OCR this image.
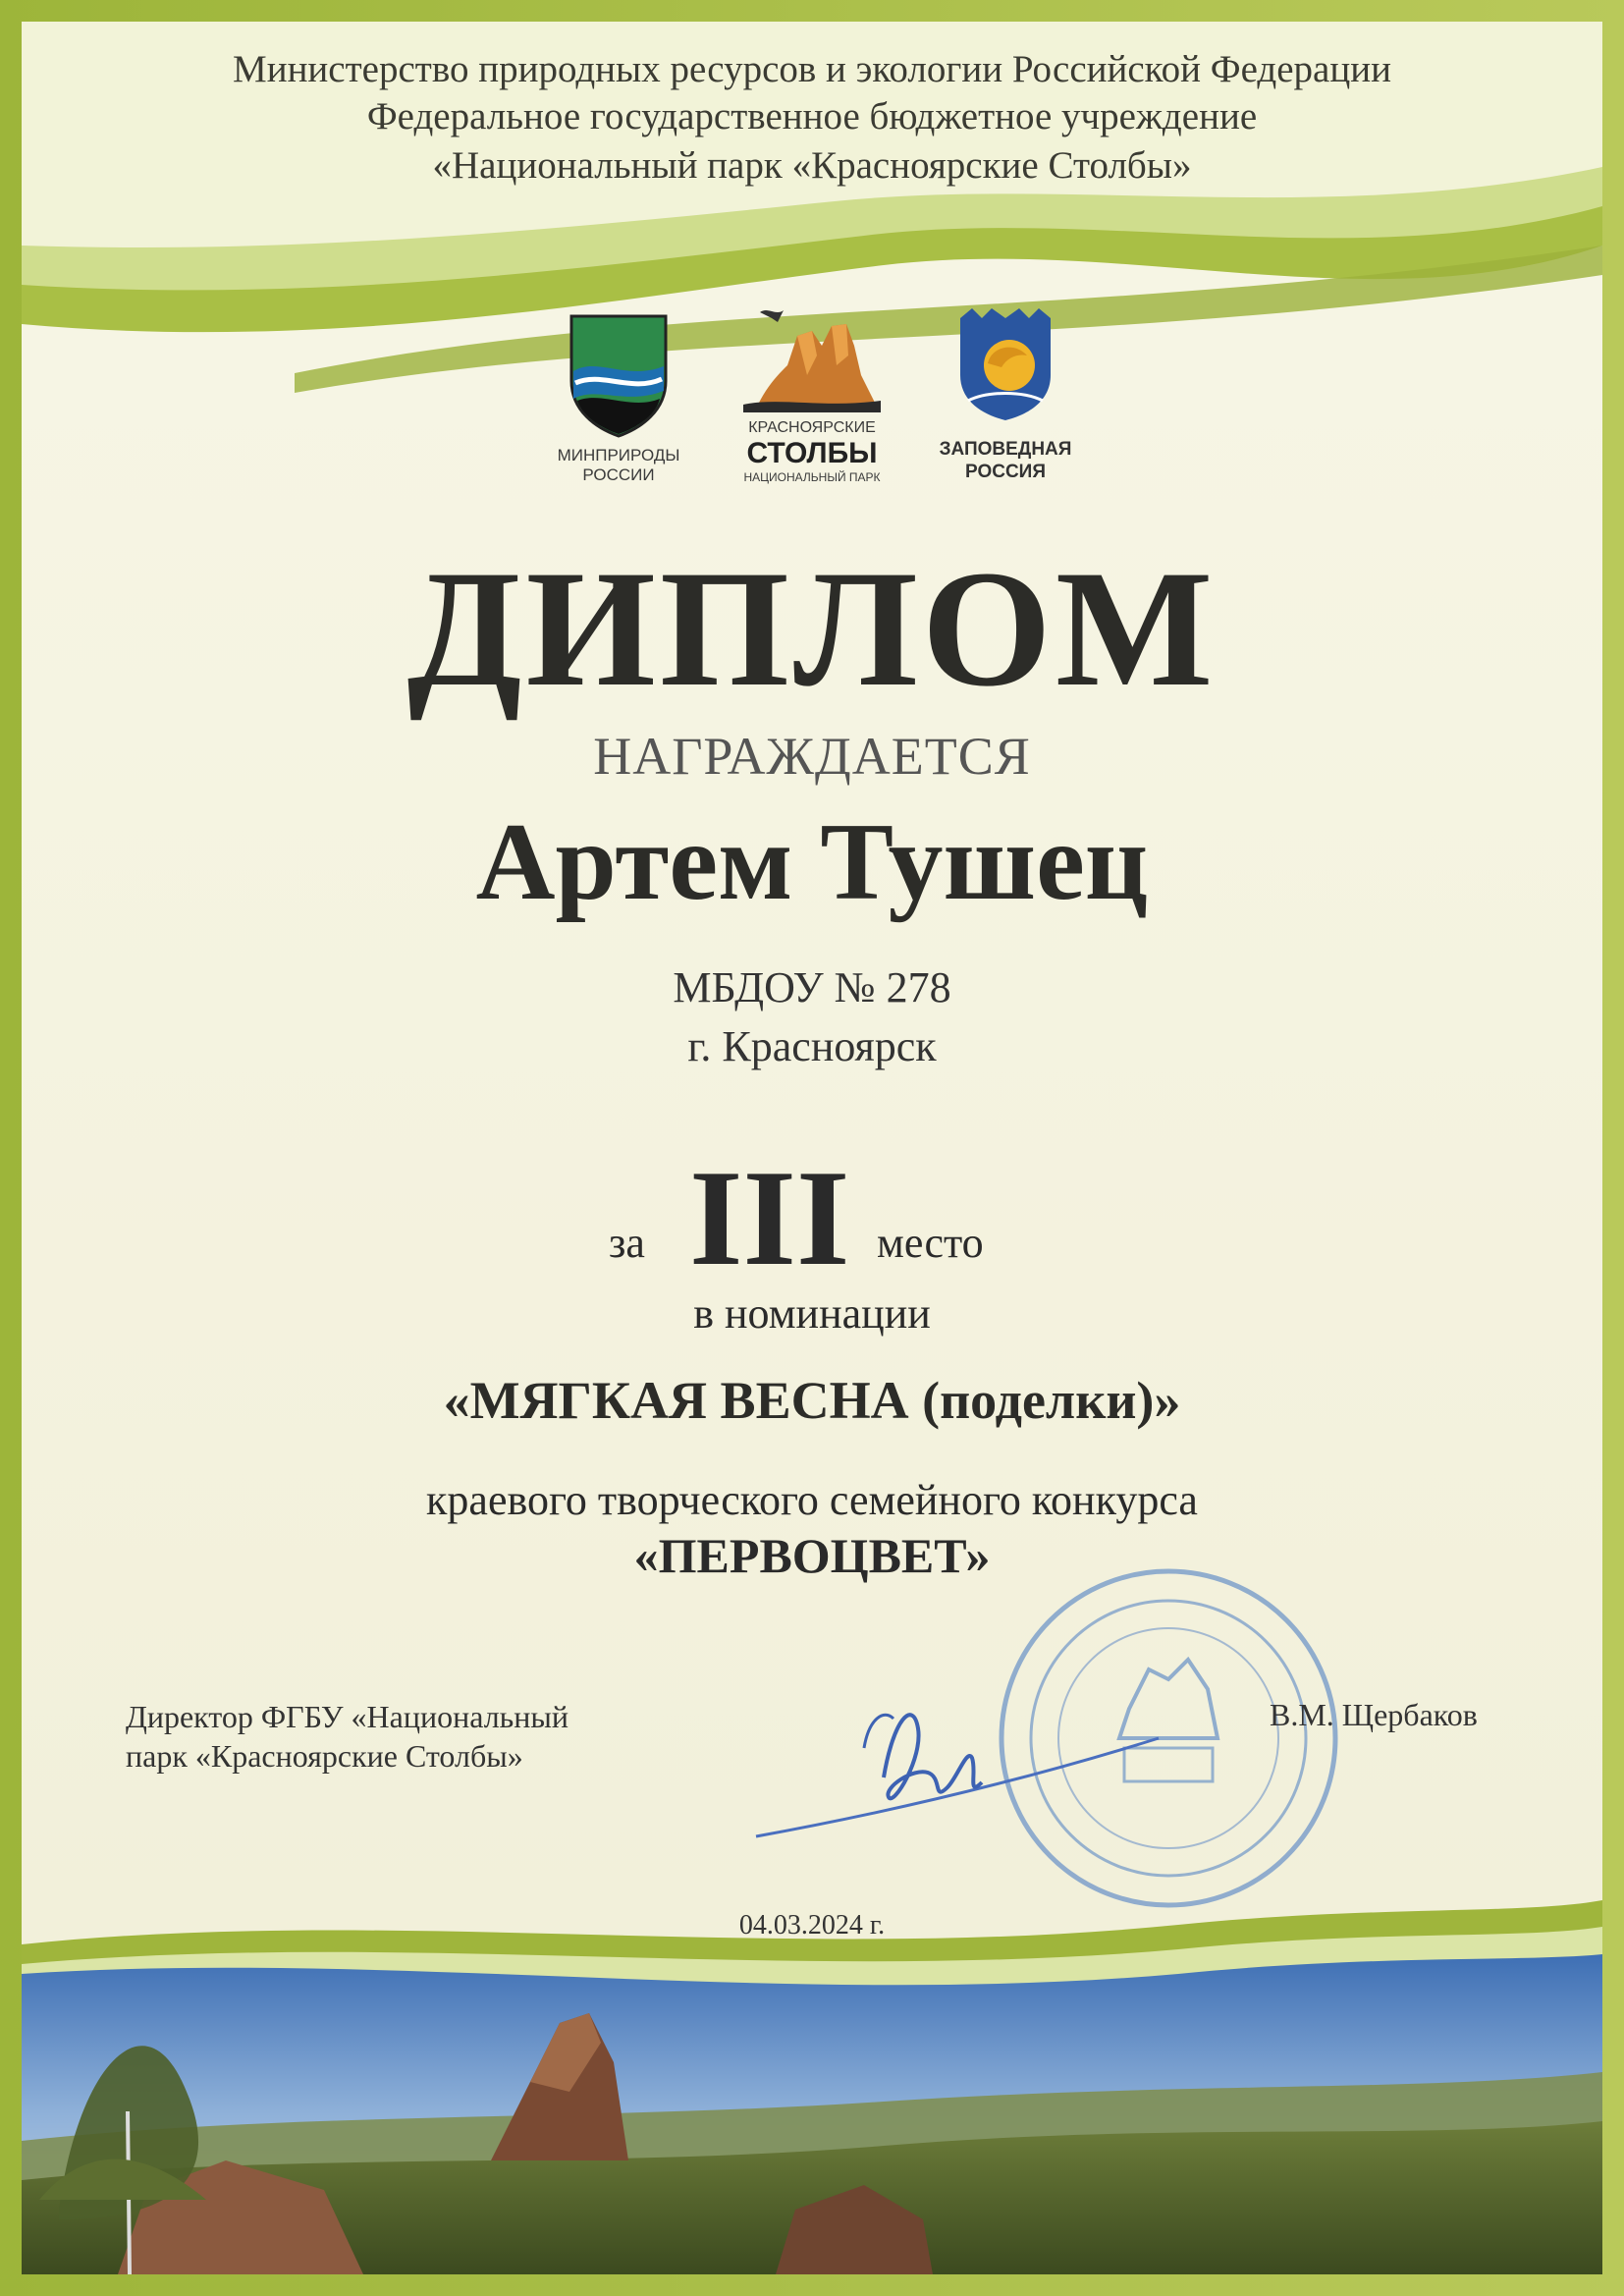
Министерство природных ресурсов и экологии Российской Федерации
Федеральное государственное бюджетное учреждение
«Национальный парк «Красноярские Столбы»
МИНПРИРОДЫ
РОССИИ
КРАСНОЯРСКИЕ
СТОЛБЫ
НАЦИОНАЛЬНЫЙ ПАРК
ЗАПОВЕДНАЯ
РОССИЯ
ДИПЛОМ
НАГРАЖДАЕТСЯ
Артем Тушец
МБДОУ № 278
г. Красноярск
за III место
в номинации
«МЯГКАЯ ВЕСНА (поделки)»
краевого творческого семейного конкурса
«ПЕРВОЦВЕТ»
Директор ФГБУ «Национальный
парк «Красноярские Столбы»
В.М. Щербаков
04.03.2024 г.
